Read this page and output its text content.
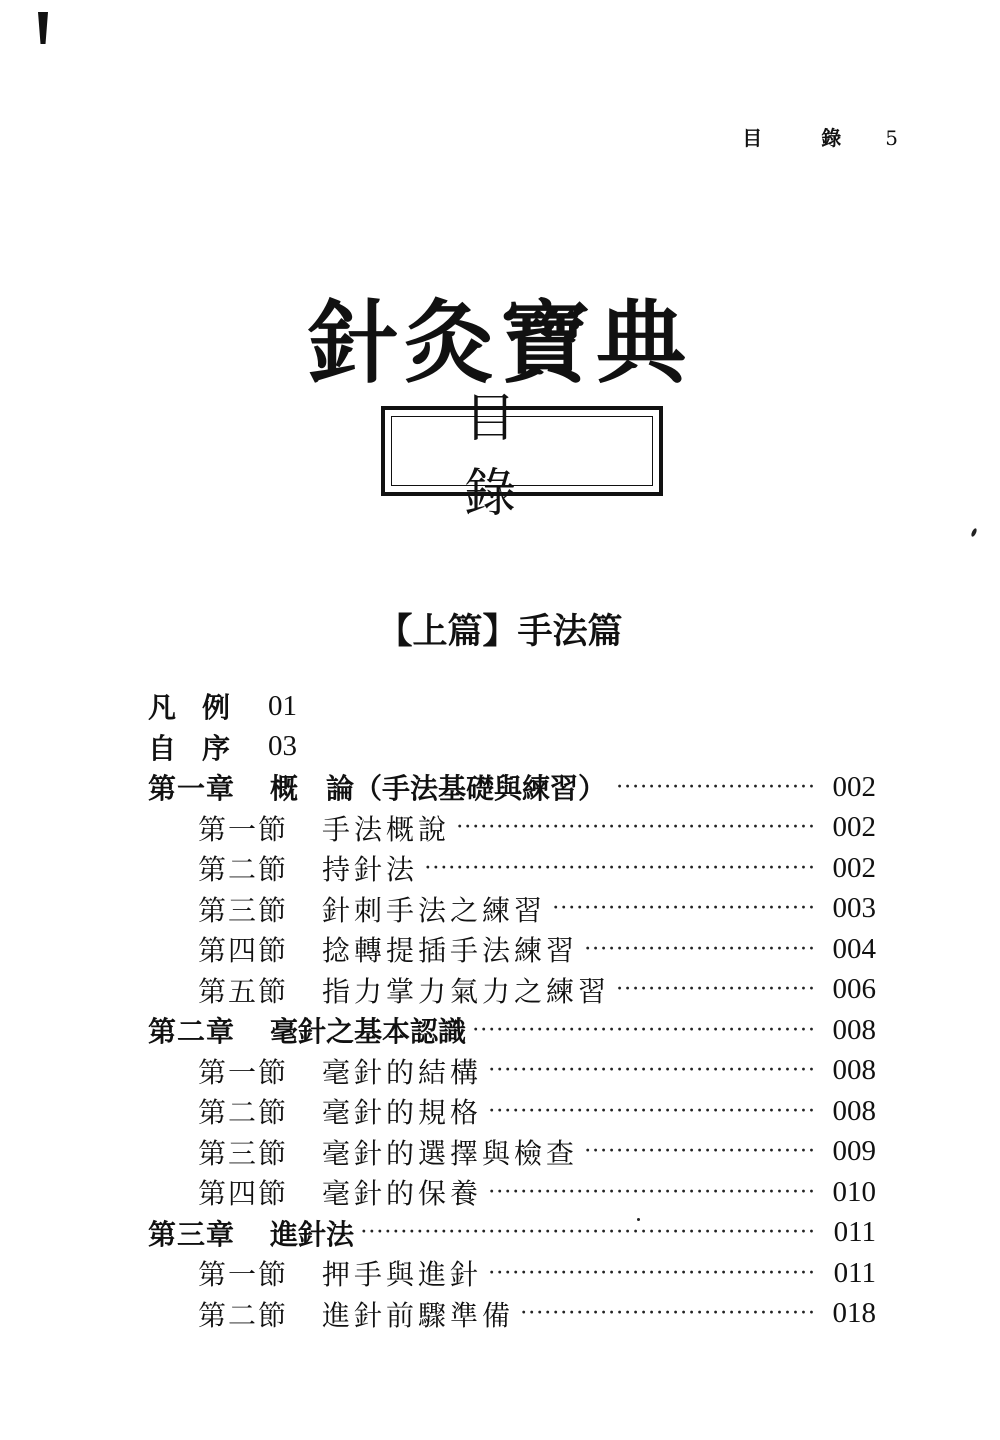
目 錄 5
針灸寶典
目錄
【上篇】手法篇
凡例 01
自序 03
第一章	概　論（手法基礎與練習） ·····	002
第一節	手法概說 ·····	002
第二節	持針法 ·····	002
第三節	針刺手法之練習 ·····	003
第四節	捻轉提插手法練習 ·····	004
第五節	指力掌力氣力之練習 ·····	006
第二章	毫針之基本認識 ·····	008
第一節	毫針的結構 ·····	008
第二節	毫針的規格 ·····	008
第三節	毫針的選擇與檢查 ·····	009
第四節	毫針的保養 ·····	010
第三章	進針法 ·····	011
第一節	押手與進針 ·····	011
第二節	進針前驟準備 ·····	018
